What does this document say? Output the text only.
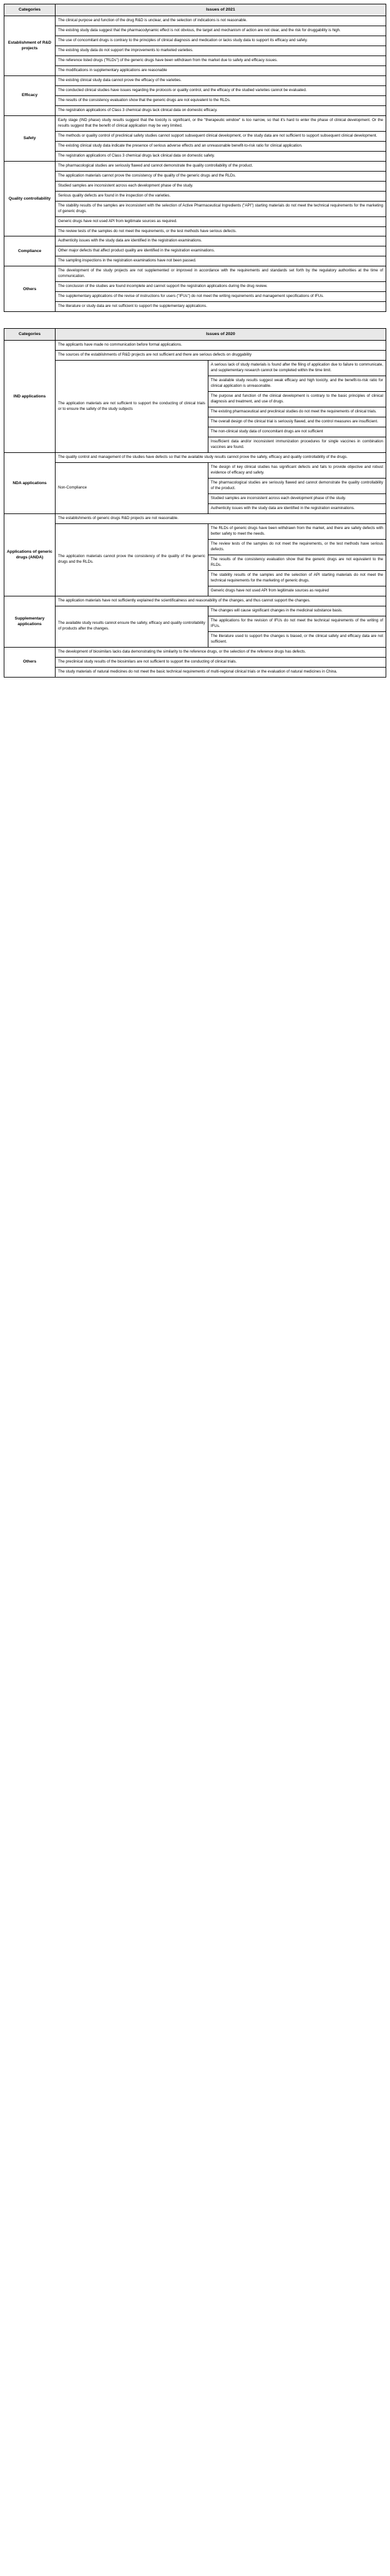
Categories	Issues of 2021
Establishment of R&D projects	The clinical purpose and function of the drug R&D is unclear, and the selection of indications is not reasonable.
	The existing study data suggest that the pharmacodynamic effect is not obvious, the target and mechanism of action are not clear, and the risk for druggability is high.
	The use of concomitant drugs is contrary to the principles of clinical diagnosis and medication or lacks study data to support its efficacy and safety.
	The existing study data do not support the improvements to marketed varieties.
	The reference listed drugs ("RLDs") of the generic drugs have been withdrawn from the market due to safety and efficacy issues.
	The modifications in supplementary applications are reasonable
Efficacy	The existing clinical study data cannot prove the efficacy of the varieties.
	The conducted clinical studies have issues regarding the protocols or quality control, and the efficacy of the studied varieties cannot be evaluated.
	The results of the consistency evaluation show that the generic drugs are not equivalent to the RLDs.
	The registration applications of Class 3 chemical drugs lack clinical data on domestic efficacy.
Safety	Early stage (IND phase) study results suggest that the toxicity is significant, or the "therapeutic window" is too narrow, so that it's hard to enter the phase of clinical development. Or the results suggest that the benefit of clinical application may be very limited.
	The methods or quality control of preclinical safety studies cannot support subsequent clinical development, or the study data are not sufficient to support subsequent clinical development.
	The existing clinical study data indicate the presence of serious adverse effects and an unreasonable benefit-to-risk ratio for clinical application.
	The registration applications of Class 3 chemical drugs lack clinical data on domestic safety.
Quality controllability	The pharmacological studies are seriously flawed and cannot demonstrate the quality controllability of the product.
	The application materials cannot prove the consistency of the quality of the generic drugs and the RLDs.
	Studied samples are inconsistent across each development phase of the study.
	Serious quality defects are found in the inspection of the varieties.
	The stability results of the samples are inconsistent with the selection of Active Pharmaceutical Ingredients ("API") starting materials do not meet the technical requirements for the marketing of generic drugs.
	Generic drugs have not used API from legitimate sources as required.
	The review tests of the samples do not meet the requirements, or the test methods have serious defects.
Compliance	Authenticity issues with the study data are identified in the registration examinations.
	Other major defects that affect product quality are identified in the registration examinations.
	The sampling inspections in the registration examinations have not been passed.
Others	The development of the study projects are not supplemented or improved in accordance with the requirements and standards set forth by the regulatory authorities at the time of communication.
	The conclusion of the studies are found incomplete and cannot support the registration applications during the drug review.
	The supplementary applications of the revise of instructions for users ("IFUs") do not meet the writing requirements and management specifications of IFUs.
	The literature or study data are not sufficient to support the supplementary applications.
Categories	Issues of 2020	
IND applications	The applicants have made no communication before formal applications.	
	The sources of the establishments of R&D projects are not sufficient and there are serious defects on druggability	
	The application materials are not sufficient to support the conducting of clinical trials or to ensure the safety of the study subjects	A serious lack of study materials is found after the filing of application due to failure to communicate, and supplementary research cannot be completed within the time limit.
		The available study results suggest weak efficacy and high toxicity, and the benefit-to-risk ratio for clinical application is unreasonable.
		The purpose and function of the clinical development is contrary to the basic principles of clinical diagnosis and treatment, and use of drugs.
		The existing pharmaceutical and preclinical studies do not meet the requirements of clinical trials.
		The overall design of the clinical trial is seriously flawed, and the control measures are insufficient.
		The non-clinical study data of concomitant drugs are not sufficient
		Insufficient data and/or inconsistent immunization procedures for single vaccines in combination vaccines are found.
NDA applications	The quality control and management of the studies have defects so that the available study results cannot prove the safety, efficacy and quality controllability of the drugs.	
	Non-Compliance	The design of key clinical studies has significant defects and fails to provide objective and robust evidence of efficacy and safety.
		The pharmacological studies are seriously flawed and cannot demonstrate the quality controllability of the product.
		Studied samples are inconsistent across each development phase of the study.
		Authenticity issues with the study data are identified in the registration examinations.
Applications of generic drugs (ANDA)	The establishments of generic drugs R&D projects are not reasonable.	
	The application materials cannot prove the consistency of the quality of the generic drugs and the RLDs.	The RLDs of generic drugs have been withdrawn from the market, and there are safety defects with better safety to meet the needs.
		The review tests of the samples do not meet the requirements, or the test methods have serious defects.
		The results of the consistency evaluation show that the generic drugs are not equivalent to the RLDs.
		The stability results of the samples and the selection of API starting materials do not meet the technical requirements for the marketing of generic drugs.
		Generic drugs have not used API from legitimate sources as required
Supplementary applications	The application materials have not sufficiently explained the scientificalness and reasonability of the changes, and thus cannot support the changes.	
	The available study results cannot ensure the safety, efficacy and quality controllability of products after the changes.	The changes will cause significant changes in the medicinal substance basis.
		The applications for the revision of IFUs do not meet the technical requirements of the writing of IFUs.
		The literature used to support the changes is biased, or the clinical safety and efficacy data are not sufficient.
Others	The development of biosimilars lacks data demonstrating the similarity to the reference drugs, or the selection of the reference drugs has defects.	
	The preclinical study results of the biosimilars are not sufficient to support the conducting of clinical trials.	
	The study materials of natural medicines do not meet the basic technical requirements of multi-regional clinical trials or the evaluation of natural medicines in China.	
